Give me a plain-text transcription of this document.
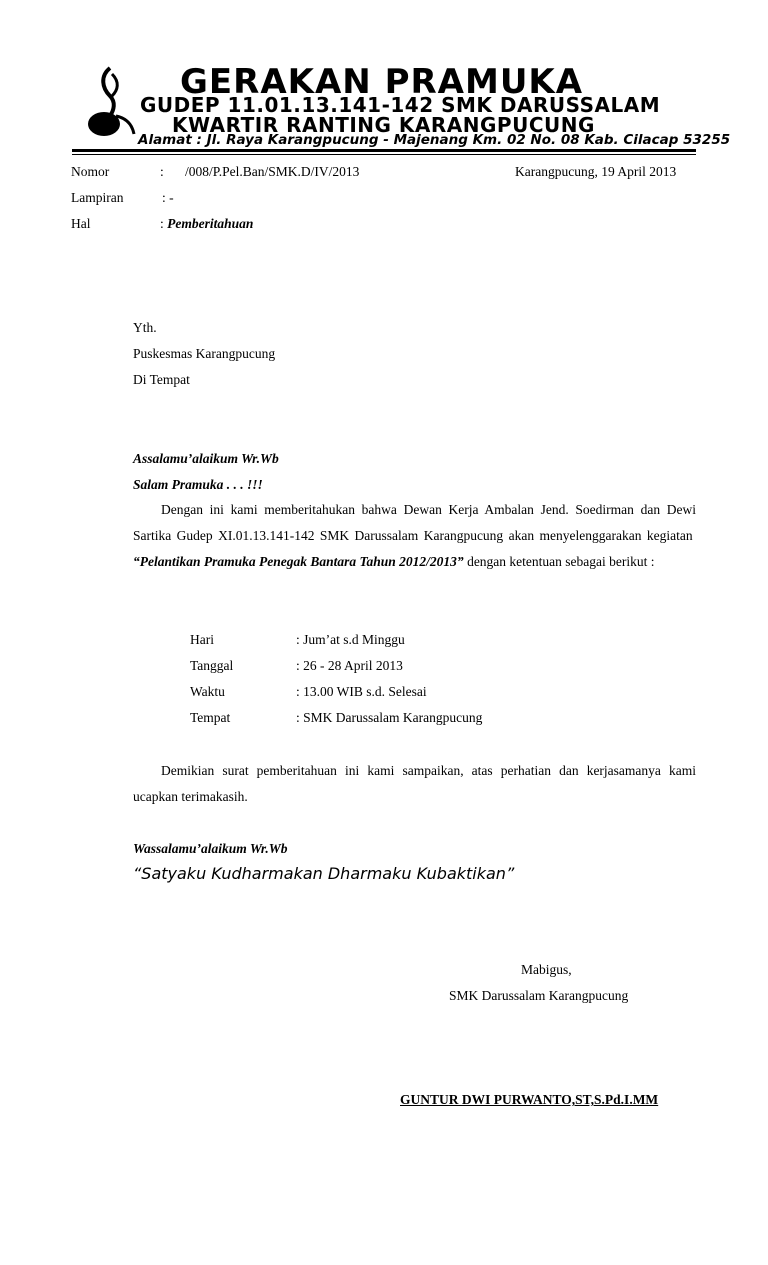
GERAKAN PRAMUKA
GUDEP 11.01.13.141-142 SMK DARUSSALAM
KWARTIR RANTING KARANGPUCUNG
Alamat : Jl. Raya Karangpucung - Majenang Km. 02 No. 08 Kab. Cilacap 53255
Nomor	: /008/P.Pel.Ban/SMK.D/IV/2013	Karangpucung, 19 April 2013
Lampiran	: -
Hal	: Pemberitahuan
Yth.
Puskesmas Karangpucung
Di Tempat
Assalamu’alaikum Wr.Wb
Salam Pramuka . . . !!!
Dengan ini kami memberitahukan bahwa Dewan Kerja Ambalan Jend. Soedirman dan Dewi Sartika Gudep XI.01.13.141-142 SMK Darussalam Karangpucung akan menyelenggarakan kegiatan  “Pelantikan Pramuka Penegak Bantara Tahun 2012/2013” dengan ketentuan sebagai berikut :
Hari	: Jum’at s.d Minggu
Tanggal	: 26 - 28 April 2013
Waktu	: 13.00 WIB s.d. Selesai
Tempat	: SMK Darussalam Karangpucung
Demikian surat pemberitahuan ini kami sampaikan, atas perhatian dan kerjasamanya kami ucapkan terimakasih.
Wassalamu’alaikum Wr.Wb
“Satyaku Kudharmakan Dharmaku Kubaktikan”
Mabigus,
SMK Darussalam Karangpucung
GUNTUR DWI PURWANTO,ST,S.Pd.I.MM
